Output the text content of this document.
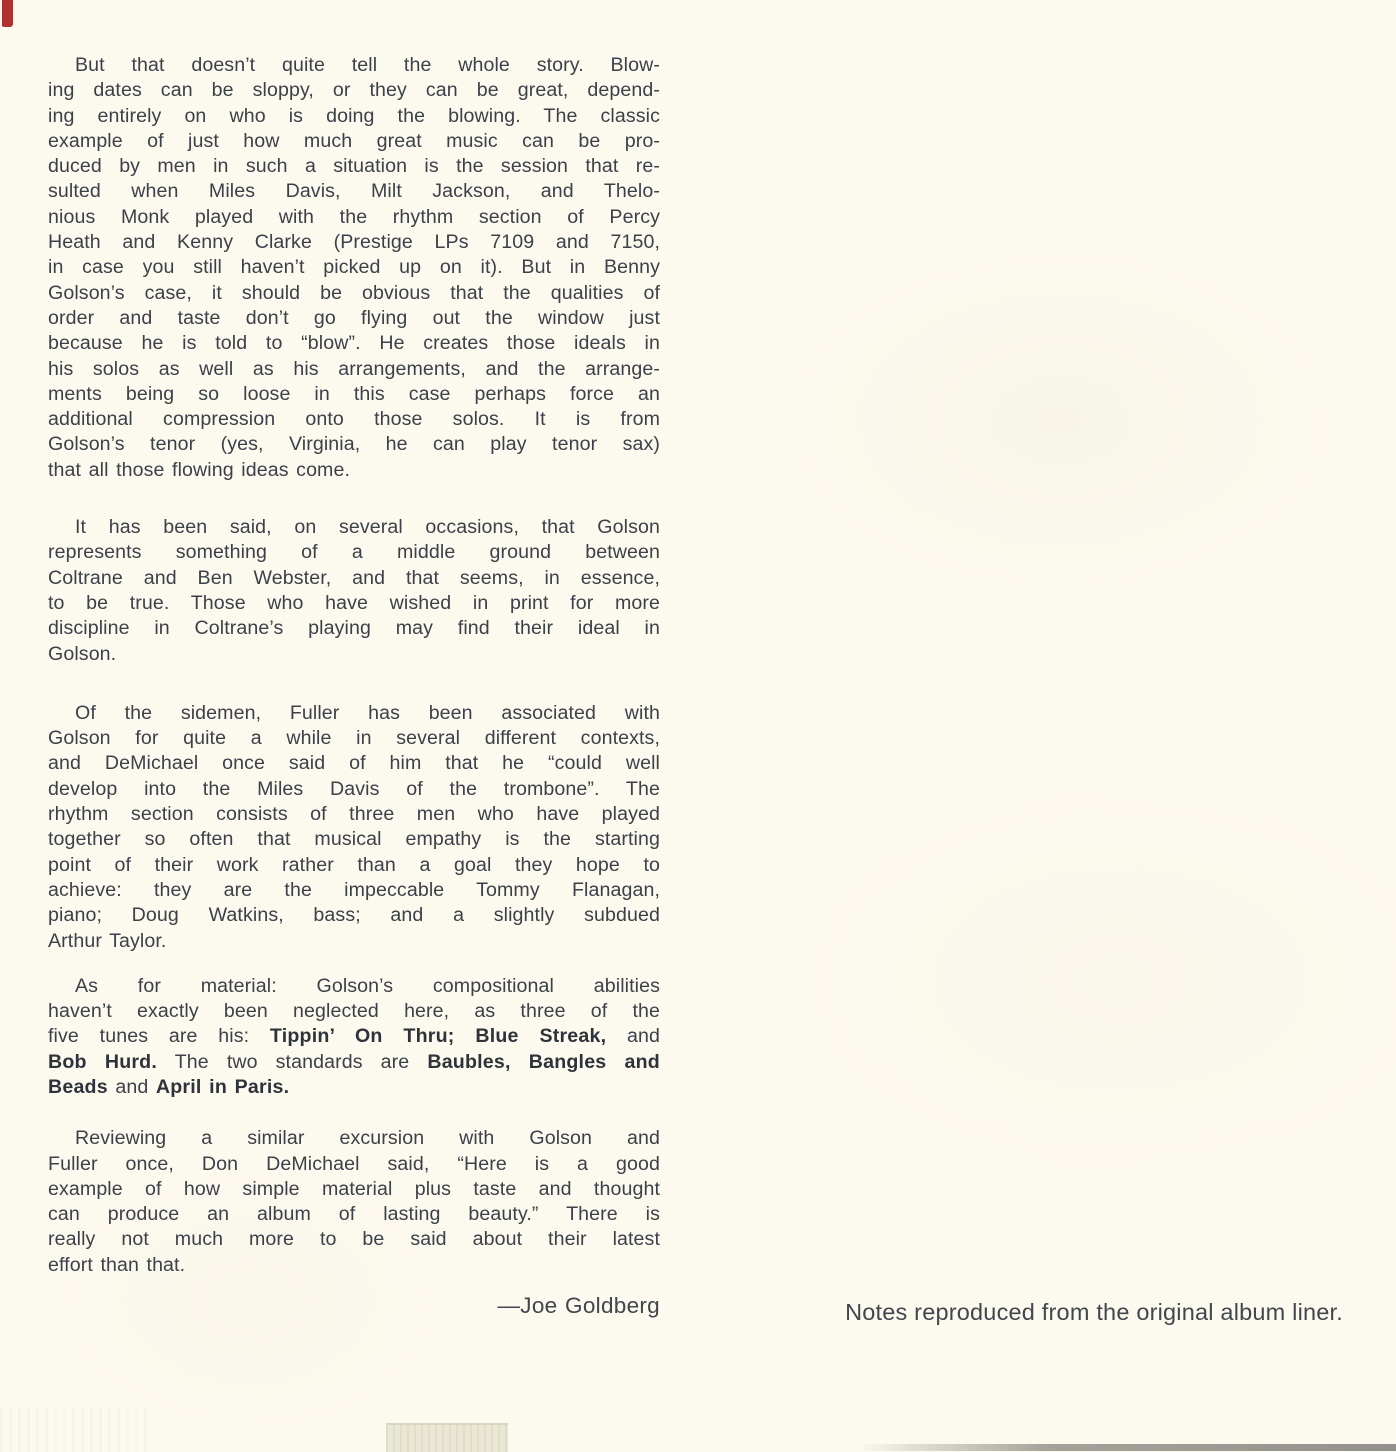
But that doesn’t quite tell the whole story. Blow-
ing dates can be sloppy, or they can be great, depend-
ing entirely on who is doing the blowing. The classic
example of just how much great music can be pro-
duced by men in such a situation is the session that re-
sulted when Miles Davis, Milt Jackson, and Thelo-
nious Monk played with the rhythm section of Percy
Heath and Kenny Clarke (Prestige LPs 7109 and 7150,
in case you still haven’t picked up on it). But in Benny
Golson’s case, it should be obvious that the qualities of
order and taste don’t go flying out the window just
because he is told to “blow”. He creates those ideals in
his solos as well as his arrangements, and the arrange-
ments being so loose in this case perhaps force an
additional compression onto those solos. It is from
Golson’s tenor (yes, Virginia, he can play tenor sax)
that all those flowing ideas come.
It has been said, on several occasions, that Golson
represents something of a middle ground between
Coltrane and Ben Webster, and that seems, in essence,
to be true. Those who have wished in print for more
discipline in Coltrane’s playing may find their ideal in
Golson.
Of the sidemen, Fuller has been associated with
Golson for quite a while in several different contexts,
and DeMichael once said of him that he “could well
develop into the Miles Davis of the trombone”. The
rhythm section consists of three men who have played
together so often that musical empathy is the starting
point of their work rather than a goal they hope to
achieve: they are the impeccable Tommy Flanagan,
piano; Doug Watkins, bass; and a slightly subdued
Arthur Taylor.
As for material: Golson’s compositional abilities
haven’t exactly been neglected here, as three of the
five tunes are his: Tippin’ On Thru; Blue Streak, and
Bob Hurd. The two standards are Baubles, Bangles and
Beads and April in Paris.
Reviewing a similar excursion with Golson and
Fuller once, Don DeMichael said, “Here is a good
example of how simple material plus taste and thought
can produce an album of lasting beauty.” There is
really not much more to be said about their latest
effort than that.
—Joe Goldberg	Notes reproduced from the original album liner.
